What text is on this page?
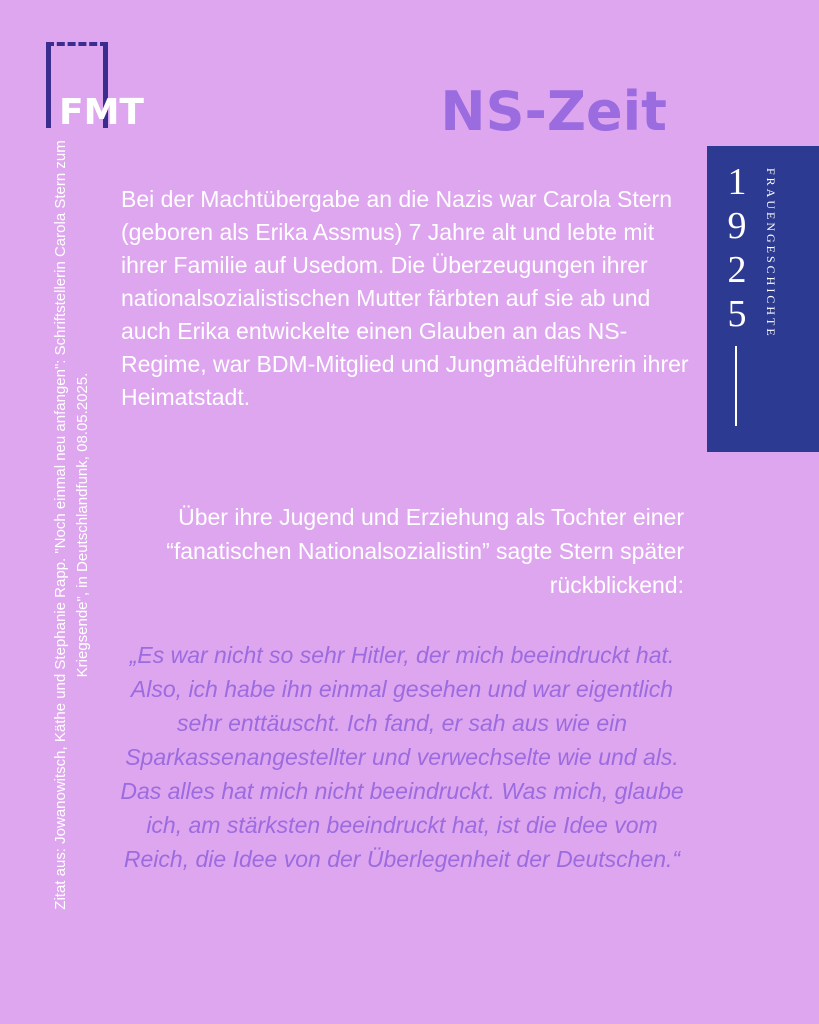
FMT	NS-Zeit
1
9
2
5	FRAUENGESCHICHTE
Zitat aus: Jowanowitsch, Käthe und Stephanie Rapp. "Noch einmal neu anfangen": Schriftstellerin Carola Stern zum Kriegsende", in Deutschlandfunk, 08.05.2025.
Bei der Machtübergabe an die Nazis war Carola Stern (geboren als Erika Assmus) 7 Jahre alt und lebte mit ihrer Familie auf Usedom. Die Überzeugungen ihrer nationalsozialistischen Mutter färbten auf sie ab und auch Erika entwickelte einen Glauben an das NS-Regime, war BDM-Mitglied und Jungmädelführerin ihrer Heimatstadt.
Über ihre Jugend und Erziehung als Tochter einer “fanatischen Nationalsozialistin” sagte Stern später rückblickend:
„Es war nicht so sehr Hitler, der mich beeindruckt hat. Also, ich habe ihn einmal gesehen und war eigentlich sehr enttäuscht. Ich fand, er sah aus wie ein Sparkassenangestellter und verwechselte wie und als. Das alles hat mich nicht beeindruckt. Was mich, glaube ich, am stärksten beeindruckt hat, ist die Idee vom Reich, die Idee von der Überlegenheit der Deutschen.“
